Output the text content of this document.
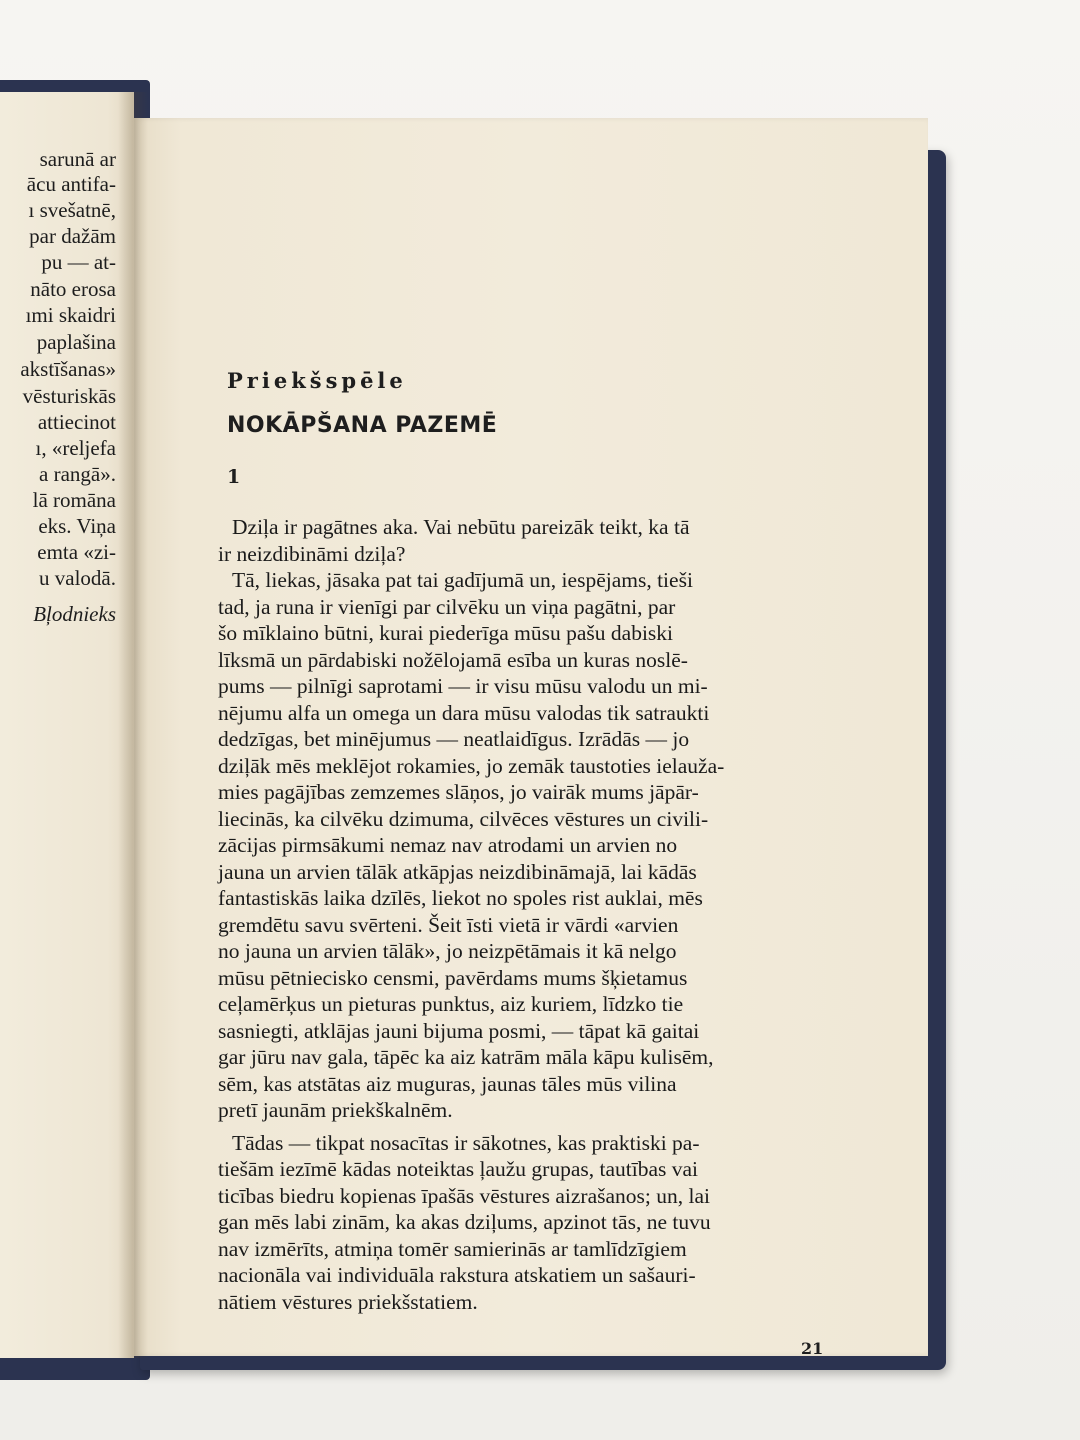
sarunā ar
ācu antifa-
ı svešatnē,
par dažām
pu — at-
nāto erosa
ımi skaidri
paplašina
akstīšanas»
vēsturiskās
attiecinot
ı, «reljefa
a rangā».
lā romāna
eks. Viņa
emta «zi-
u valodā.
Bļodnieks
Priekšspēle
NOKĀPŠANA PAZEMĒ
1
Dziļa ir pagātnes aka. Vai nebūtu pareizāk teikt, ka tā
ir neizdibināmi dziļa?
Tā, liekas, jāsaka pat tai gadījumā un, iespējams, tieši
tad, ja runa ir vienīgi par cilvēku un viņa pagātni, par
šo mīklaino būtni, kurai piederīga mūsu pašu dabiski
līksmā un pārdabiski nožēlojamā esība un kuras noslē-
pums — pilnīgi saprotami — ir visu mūsu valodu un mi-
nējumu alfa un omega un dara mūsu valodas tik satraukti
dedzīgas, bet minējumus — neatlaidīgus. Izrādās — jo
dziļāk mēs meklējot rokamies, jo zemāk taustoties ielauža-
mies pagājības zemzemes slāņos, jo vairāk mums jāpār-
liecinās, ka cilvēku dzimuma, cilvēces vēstures un civili-
zācijas pirmsākumi nemaz nav atrodami un arvien no
jauna un arvien tālāk atkāpjas neizdibināmajā, lai kādās
fantastiskās laika dzīlēs, liekot no spoles rist auklai, mēs
gremdētu savu svērteni. Šeit īsti vietā ir vārdi «arvien
no jauna un arvien tālāk», jo neizpētāmais it kā nelgo
mūsu pētnieciskо censmi, pavērdams mums šķietamus
ceļamērķus un pieturas punktus, aiz kuriem, līdzko tie
sasniegti, atklājas jauni bijuma posmi, — tāpat kā gaitai
gar jūru nav gala, tāpēc ka aiz katrām māla kāpu kulisēm,
sēm, kas atstātas aiz muguras, jaunas tāles mūs vilina
pretī jaunām priekškalnēm.
Tādas — tikpat nosacītas ir sākotnes, kas praktiski pa-
tiešām iezīmē kādas noteiktas ļaužu grupas, tautības vai
ticības biedru kopienas īpašās vēstures aizrašanos; un, lai
21
gan mēs labi zinām, ka akas dziļums, apzinot tās, ne tuvu
nav izmērīts, atmiņa tomēr samierinās ar tamlīdzīgiem
nacionāla vai individuāla rakstura atskatiem un sašauri-
nātiem vēstures priekšstatiem.
